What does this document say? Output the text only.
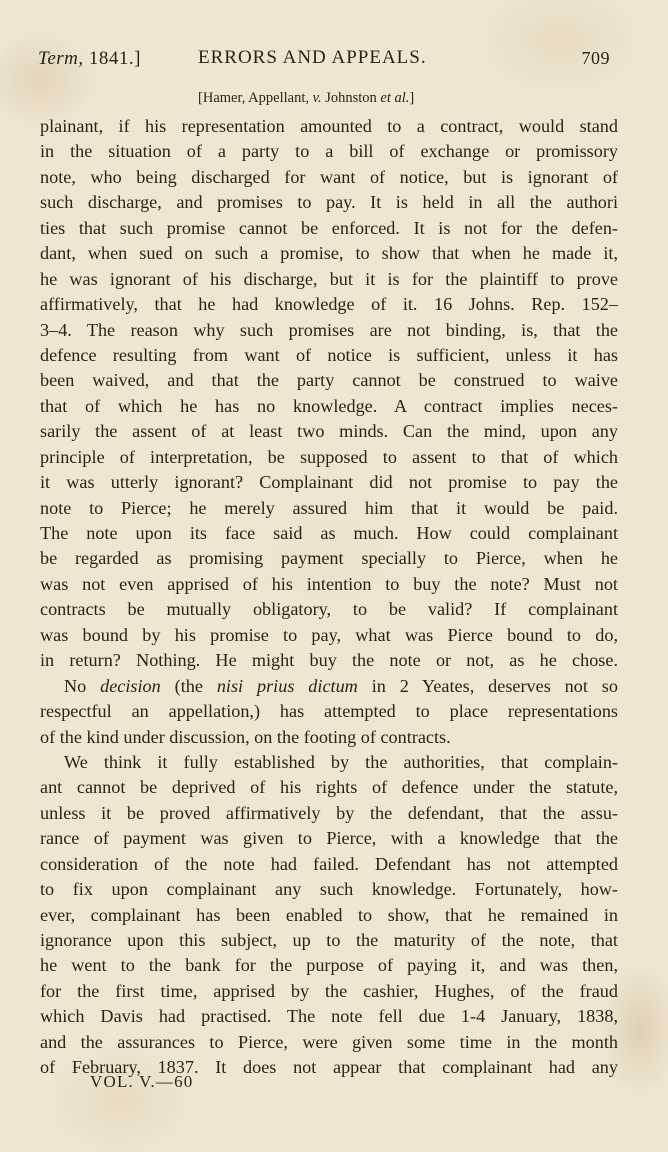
Term, 1841.]	ERRORS AND APPEALS.	709
[Hamer, Appellant, v. Johnston et al.]
plainant, if his representation amounted to a contract, would stand
in the situation of a party to a bill of exchange or promissory
note, who being discharged for want of notice, but is ignorant of
such discharge, and promises to pay. It is held in all the authori
ties that such promise cannot be enforced. It is not for the defen-
dant, when sued on such a promise, to show that when he made it,
he was ignorant of his discharge, but it is for the plaintiff to prove
affirmatively, that he had knowledge of it. 16 Johns. Rep. 152–
3–4. The reason why such promises are not binding, is, that the
defence resulting from want of notice is sufficient, unless it has
been waived, and that the party cannot be construed to waive
that of which he has no knowledge. A contract implies neces-
sarily the assent of at least two minds. Can the mind, upon any
principle of interpretation, be supposed to assent to that of which
it was utterly ignorant? Complainant did not promise to pay the
note to Pierce; he merely assured him that it would be paid.
The note upon its face said as much. How could complainant
be regarded as promising payment specially to Pierce, when he
was not even apprised of his intention to buy the note? Must not
contracts be mutually obligatory, to be valid? If complainant
was bound by his promise to pay, what was Pierce bound to do,
in return? Nothing. He might buy the note or not, as he chose.
No decision (the nisi prius dictum in 2 Yeates, deserves not so
respectful an appellation,) has attempted to place representations
of the kind under discussion, on the footing of contracts.
We think it fully established by the authorities, that complain-
ant cannot be deprived of his rights of defence under the statute,
unless it be proved affirmatively by the defendant, that the assu-
rance of payment was given to Pierce, with a knowledge that the
consideration of the note had failed. Defendant has not attempted
to fix upon complainant any such knowledge. Fortunately, how-
ever, complainant has been enabled to show, that he remained in
ignorance upon this subject, up to the maturity of the note, that
he went to the bank for the purpose of paying it, and was then,
for the first time, apprised by the cashier, Hughes, of the fraud
which Davis had practised. The note fell due 1-4 January, 1838,
and the assurances to Pierce, were given some time in the month
of February, 1837. It does not appear that complainant had any
VOL. V.—60
